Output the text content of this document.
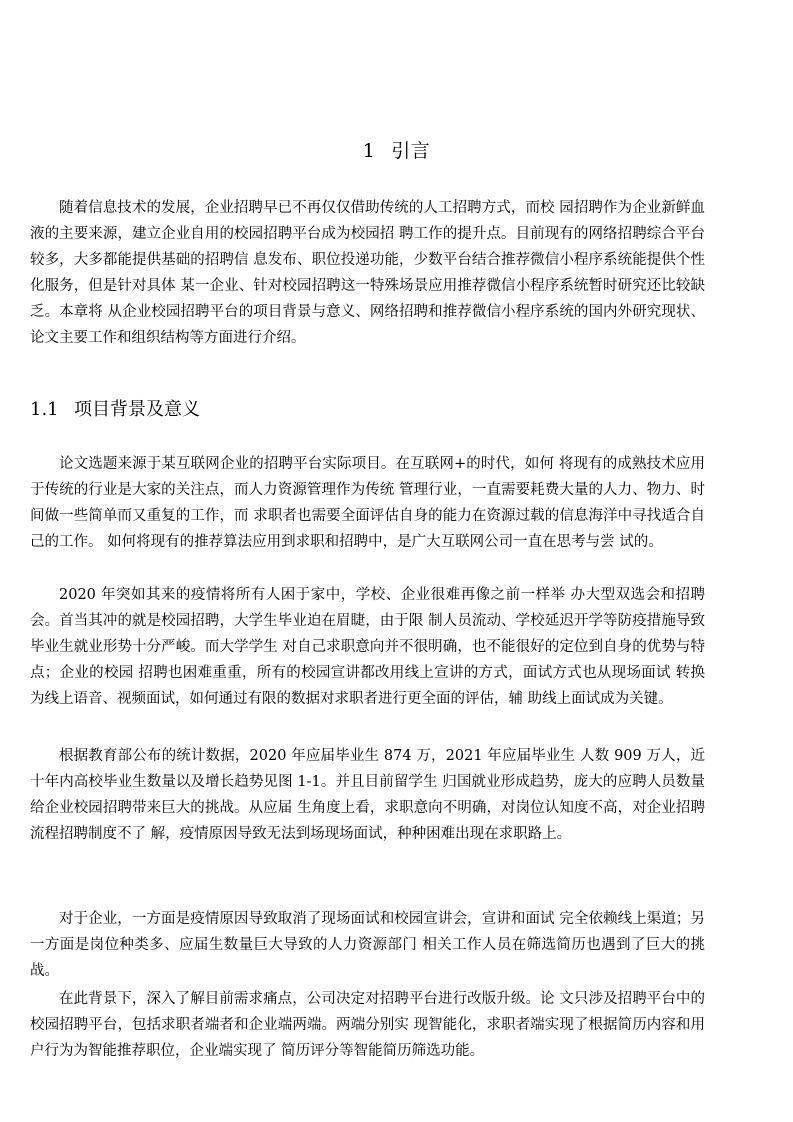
1 引言

随着信息技术的发展，企业招聘早已不再仅仅借助传统的人工招聘方式，而校 园招聘作为企业新鲜血液的主要来源，建立企业自用的校园招聘平台成为校园招 聘工作的提升点。目前现有的网络招聘综合平台较多，大多都能提供基础的招聘信 息发布、职位投递功能，少数平台结合推荐微信小程序系统能提供个性化服务，但是针对具体 某一企业、针对校园招聘这一特殊场景应用推荐微信小程序系统暂时研究还比较缺乏。本章将 从企业校园招聘平台的项目背景与意义、网络招聘和推荐微信小程序系统的国内外研究现状、 论文主要工作和组织结构等方面进行介绍。

1.1 项目背景及意义

论文选题来源于某互联网企业的招聘平台实际项目。在互联网+的时代，如何 将现有的成熟技术应用于传统的行业是大家的关注点，而人力资源管理作为传统 管理行业，一直需要耗费大量的人力、物力、时间做一些简单而又重复的工作，而 求职者也需要全面评估自身的能力在资源过载的信息海洋中寻找适合自己的工作。 如何将现有的推荐算法应用到求职和招聘中，是广大互联网公司一直在思考与尝 试的。

2020 年突如其来的疫情将所有人困于家中，学校、企业很难再像之前一样举 办大型双选会和招聘会。首当其冲的就是校园招聘，大学生毕业迫在眉睫，由于限 制人员流动、学校延迟开学等防疫措施导致毕业生就业形势十分严峻。而大学学生 对自己求职意向并不很明确，也不能很好的定位到自身的优势与特点；企业的校园 招聘也困难重重，所有的校园宣讲都改用线上宣讲的方式，面试方式也从现场面试 转换为线上语音、视频面试，如何通过有限的数据对求职者进行更全面的评估，辅 助线上面试成为关键。

根据教育部公布的统计数据，2020 年应届毕业生 874 万，2021 年应届毕业生 人数 909 万人，近十年内高校毕业生数量以及增长趋势见图 1-1。并且目前留学生 归国就业形成趋势，庞大的应聘人员数量给企业校园招聘带来巨大的挑战。从应届 生角度上看，求职意向不明确，对岗位认知度不高，对企业招聘流程招聘制度不了 解，疫情原因导致无法到场现场面试，种种困难出现在求职路上。

对于企业，一方面是疫情原因导致取消了现场面试和校园宣讲会，宣讲和面试 完全依赖线上渠道；另一方面是岗位种类多、应届生数量巨大导致的人力资源部门 相关工作人员在筛选简历也遇到了巨大的挑战。

在此背景下，深入了解目前需求痛点，公司决定对招聘平台进行改版升级。论 文只涉及招聘平台中的校园招聘平台，包括求职者端者和企业端两端。两端分别实 现智能化，求职者端实现了根据简历内容和用户行为为智能推荐职位，企业端实现了 简历评分等智能简历筛选功能。
